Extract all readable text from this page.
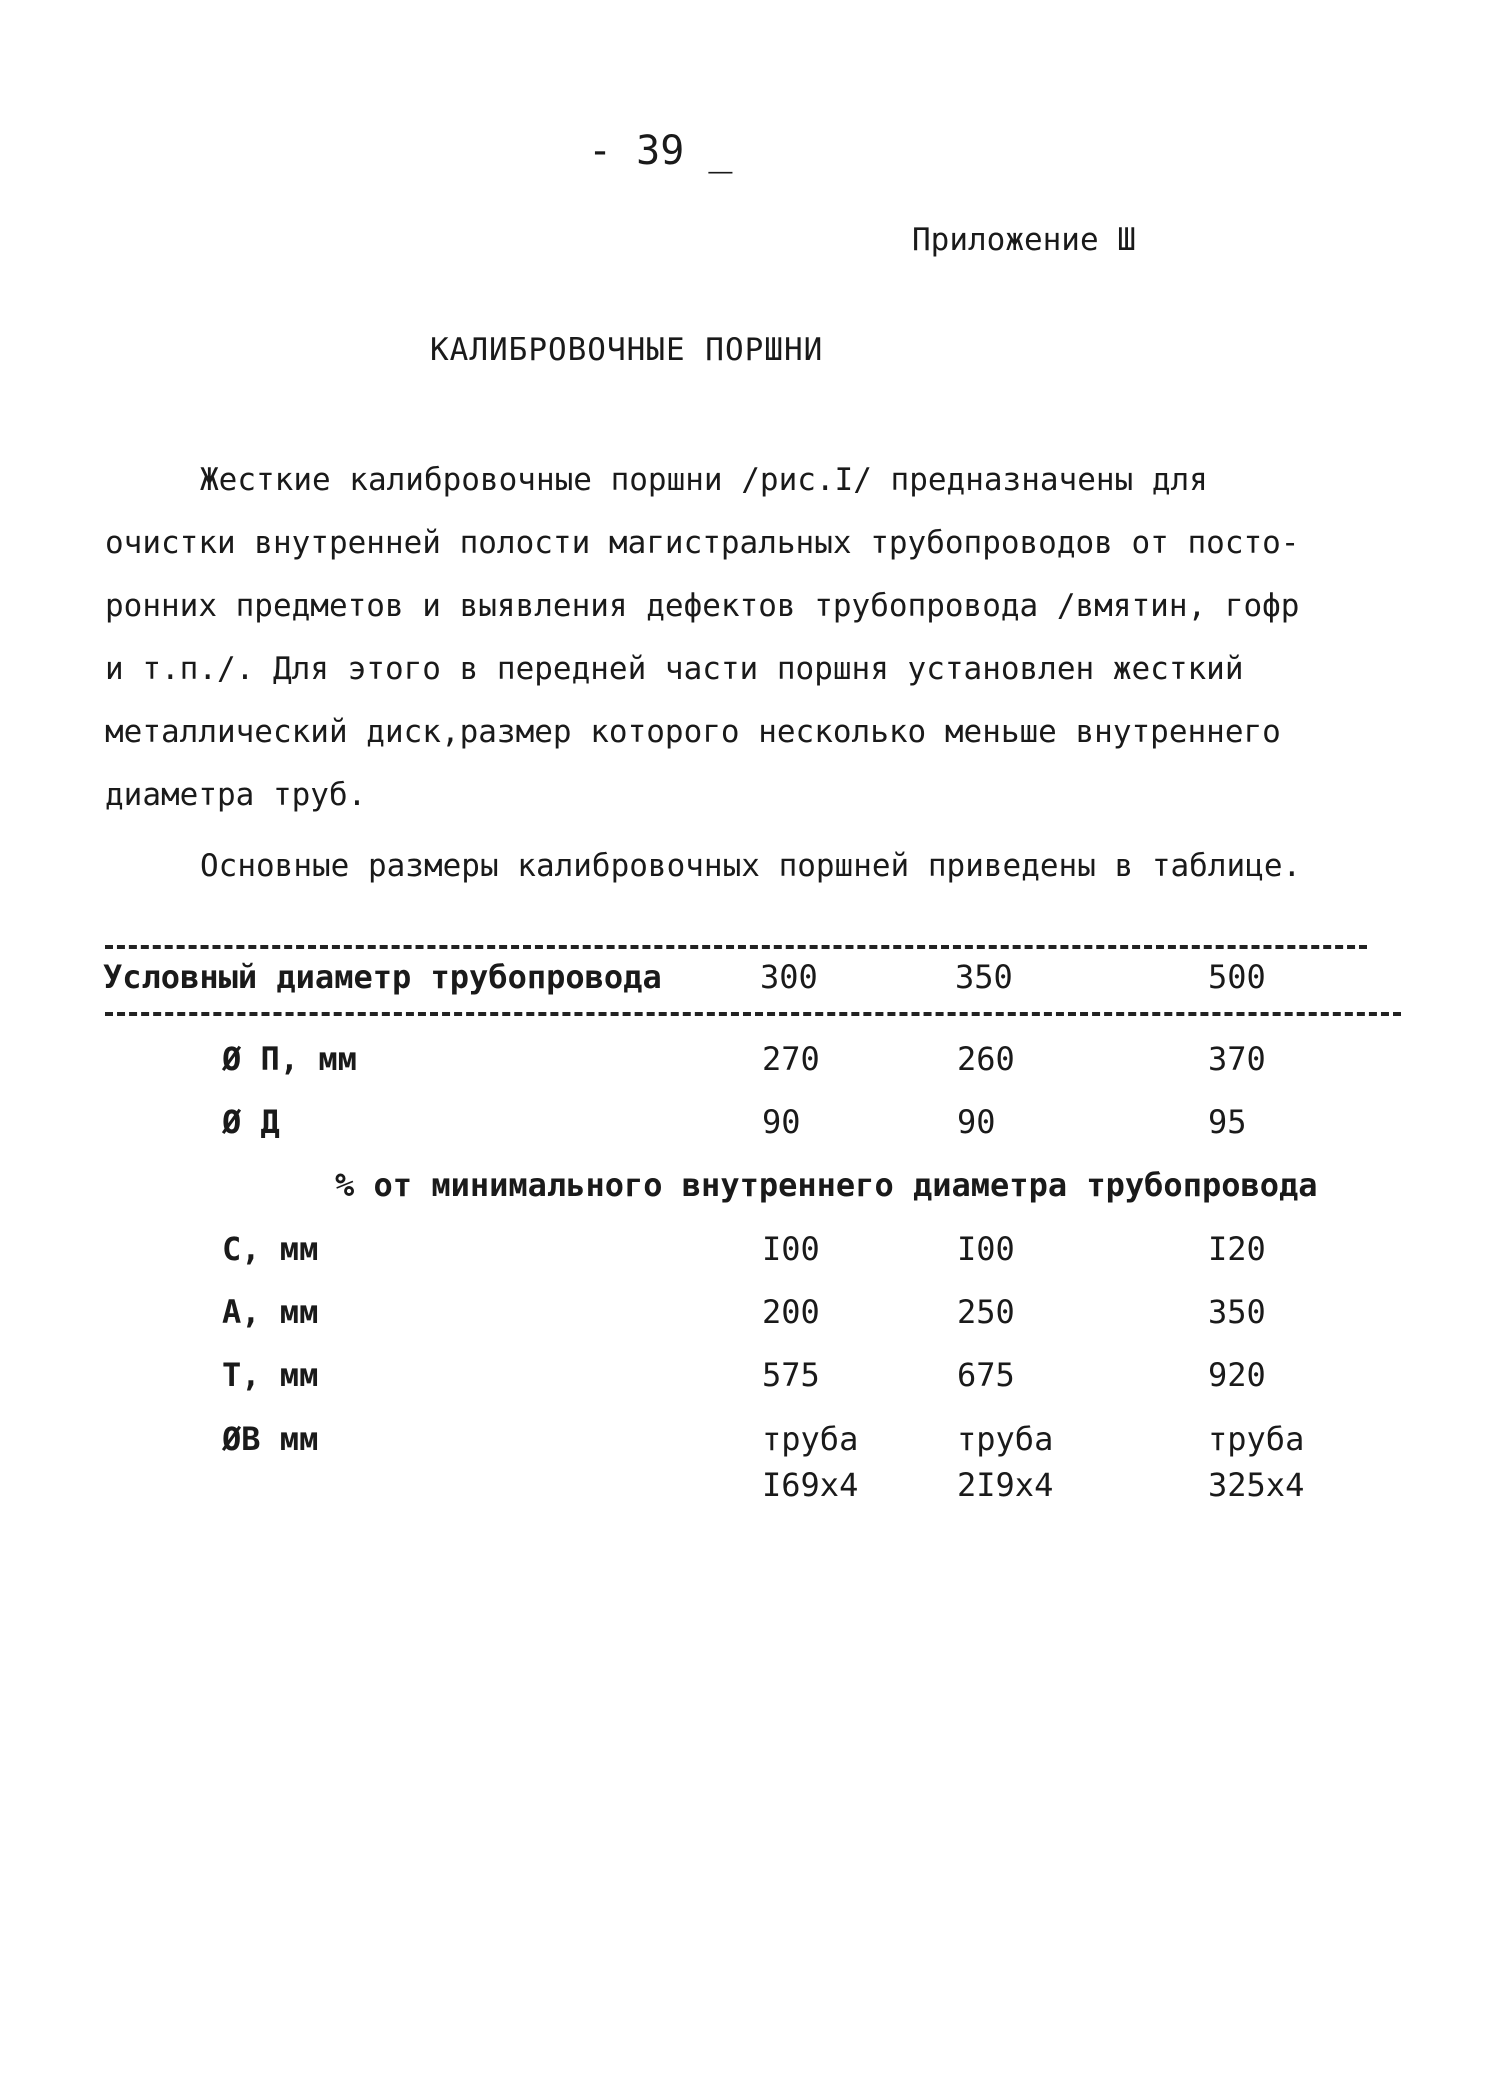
- 39 _
Приложение Ш
КАЛИБРОВОЧНЫЕ ПОРШНИ
Жесткие калибровочные поршни /рис.I/ предназначены для
очистки внутренней полости магистральных трубопроводов от посто-
ронних предметов и выявления дефектов трубопровода /вмятин, гофр
и т.п./. Для этого в передней части поршня установлен жесткий
металлический диск,размер которого несколько меньше внутреннего
диаметра труб.
Основные размеры калибровочных поршней приведены в таблице.
Условный диаметр трубопровода	300	350	500
Ø П, мм	270	260	370
Ø Д	90	90	95
% от минимального внутреннего диаметра трубопровода
С, мм	I00	I00	I20
А, мм	200	250	350
Т, мм	575	675	920
ØВ мм	труба	труба	труба
I69x4	2I9x4	325x4
